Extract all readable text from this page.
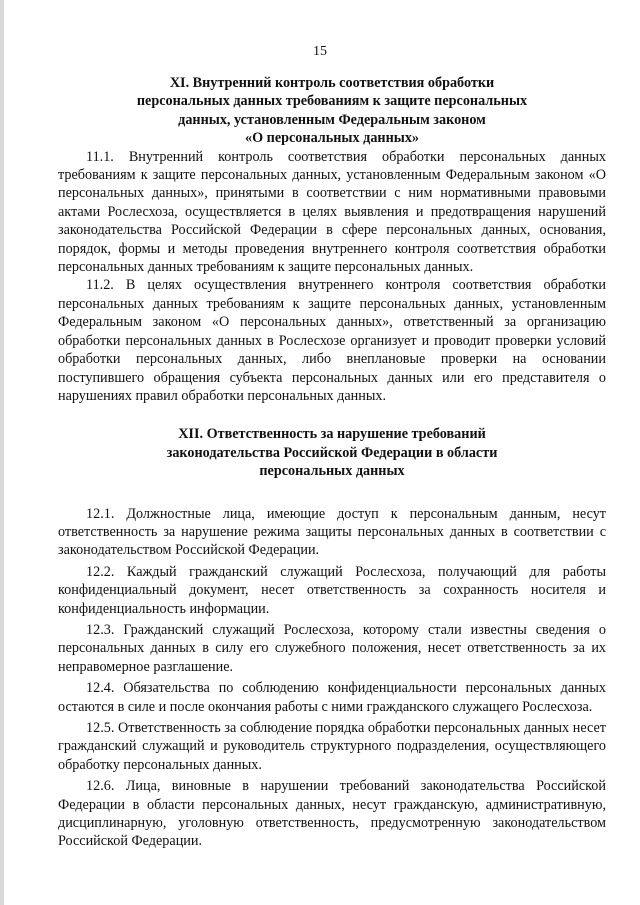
15

XI. Внутренний контроль соответствия обработки

персональных данных требованиям к защите персональных

данных, установленным Федеральным законом

«О персональных данных»

11.1. Внутренний контроль соответствия обработки персональных данных требованиям к защите персональных данных, установленным Федеральным законом «О персональных данных», принятыми в соответствии с ним нормативными правовыми актами Рослесхоза, осуществляется в целях выявления и предотвращения нарушений законодательства Российской Федерации в сфере персональных данных, основания, порядок, формы и методы проведения внутреннего контроля соответствия обработки персональных данных требованиям к защите персональных данных.

11.2. В целях осуществления внутреннего контроля соответствия обработки персональных данных требованиям к защите персональных данных, установленным Федеральным законом «О персональных данных», ответственный за организацию обработки персональных данных в Рослесхозе организует и проводит проверки условий обработки персональных данных, либо внеплановые проверки на основании поступившего обращения субъекта персональных данных или его представителя о нарушениях правил обработки персональных данных.

XII. Ответственность за нарушение требований

законодательства Российской Федерации в области

персональных данных

12.1. Должностные лица, имеющие доступ к персональным данным, несут ответственность за нарушение режима защиты персональных данных в соответствии с законодательством Российской Федерации.

12.2. Каждый гражданский служащий Рослесхоза, получающий для работы конфиденциальный документ, несет ответственность за сохранность носителя и конфиденциальность информации.

12.3. Гражданский служащий Рослесхоза, которому стали известны сведения о персональных данных в силу его служебного положения, несет ответственность за их неправомерное разглашение.

12.4. Обязательства по соблюдению конфиденциальности персональных данных остаются в силе и после окончания работы с ними гражданского служащего Рослесхоза.

12.5. Ответственность за соблюдение порядка обработки персональных данных несет гражданский служащий и руководитель структурного подразделения, осуществляющего обработку персональных данных.

12.6. Лица, виновные в нарушении требований законодательства Российской Федерации в области персональных данных, несут гражданскую, административную, дисциплинарную, уголовную ответственность, предусмотренную законодательством Российской Федерации.
